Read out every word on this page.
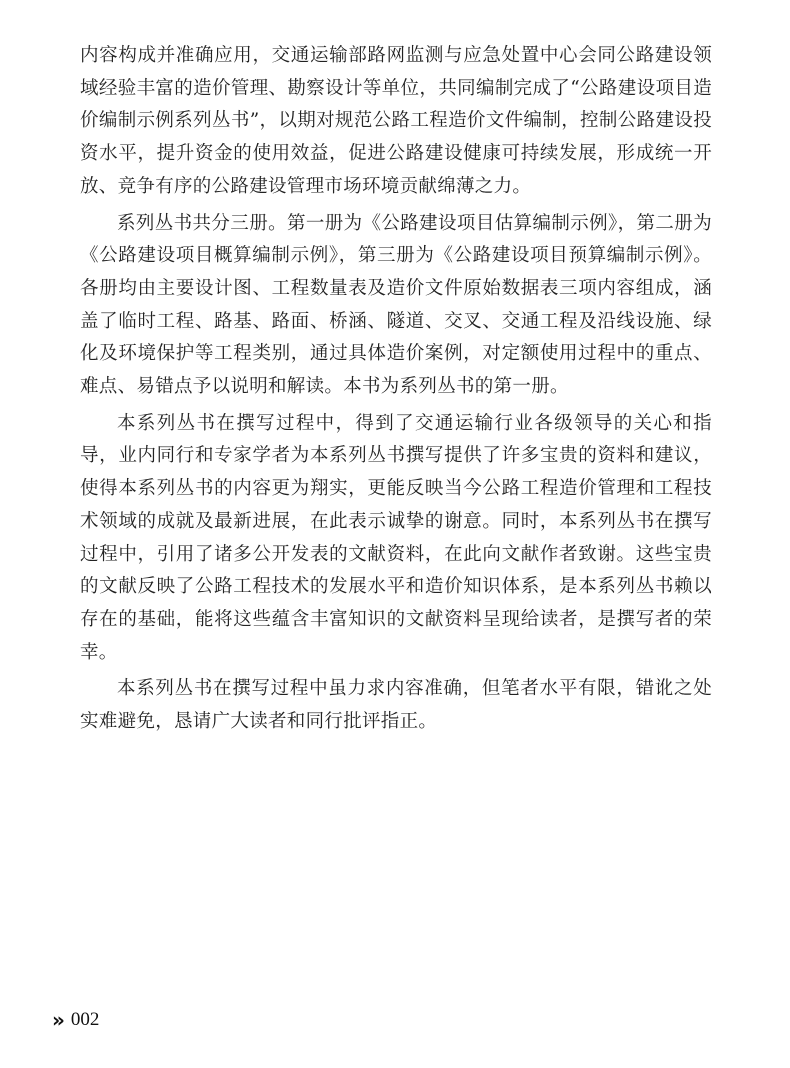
内容构成并准确应用，交通运输部路网监测与应急处置中心会同公路建设领域经验丰富的造价管理、勘察设计等单位，共同编制完成了“公路建设项目造价编制示例系列丛书”，以期对规范公路工程造价文件编制，控制公路建设投资水平，提升资金的使用效益，促进公路建设健康可持续发展，形成统一开放、竞争有序的公路建设管理市场环境贡献绵薄之力。

系列丛书共分三册。第一册为《公路建设项目估算编制示例》，第二册为《公路建设项目概算编制示例》，第三册为《公路建设项目预算编制示例》。各册均由主要设计图、工程数量表及造价文件原始数据表三项内容组成，涵盖了临时工程、路基、路面、桥涵、隧道、交叉、交通工程及沿线设施、绿化及环境保护等工程类别，通过具体造价案例，对定额使用过程中的重点、难点、易错点予以说明和解读。本书为系列丛书的第一册。

本系列丛书在撰写过程中，得到了交通运输行业各级领导的关心和指导，业内同行和专家学者为本系列丛书撰写提供了许多宝贵的资料和建议，使得本系列丛书的内容更为翔实，更能反映当今公路工程造价管理和工程技术领域的成就及最新进展，在此表示诚挚的谢意。同时，本系列丛书在撰写过程中，引用了诸多公开发表的文献资料，在此向文献作者致谢。这些宝贵的文献反映了公路工程技术的发展水平和造价知识体系，是本系列丛书赖以存在的基础，能将这些蕴含丰富知识的文献资料呈现给读者，是撰写者的荣幸。

本系列丛书在撰写过程中虽力求内容准确，但笔者水平有限，错讹之处实难避免，恳请广大读者和同行批评指正。

» 002
